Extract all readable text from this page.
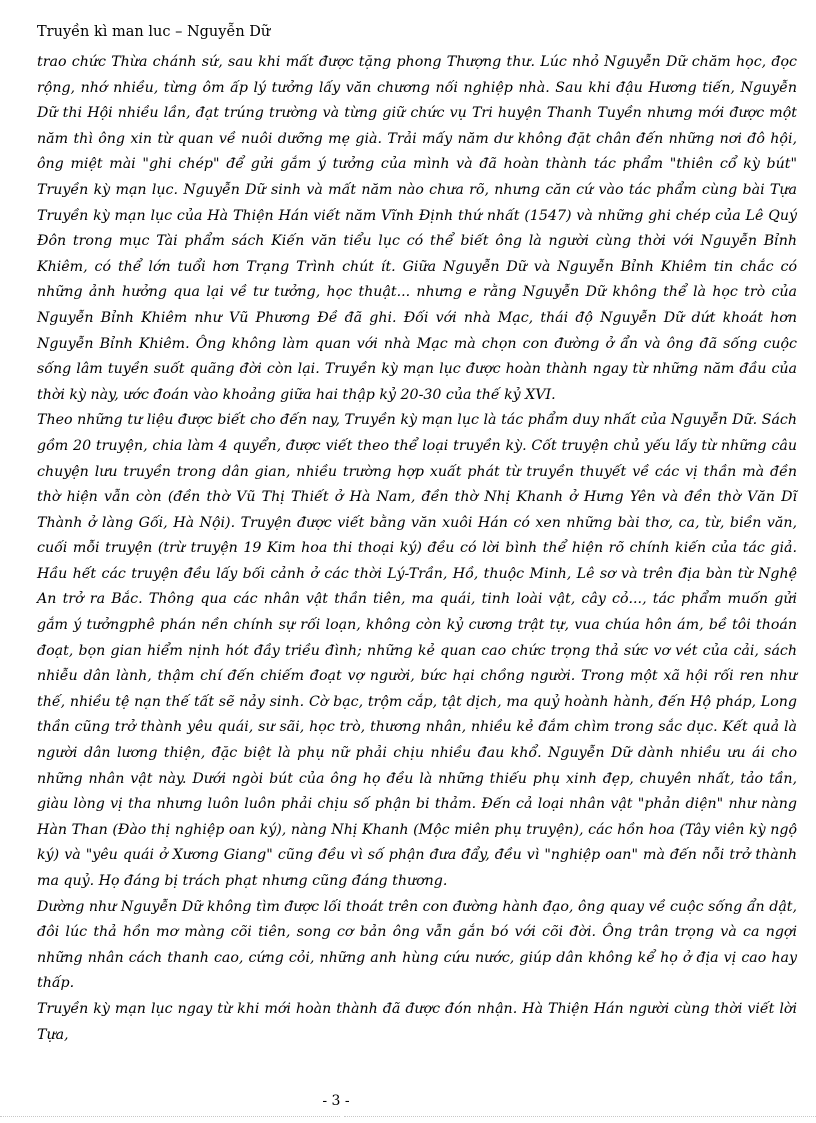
Truyền kì man luc – Nguyễn Dữ

trao chức Thừa chánh sứ, sau khi mất được tặng phong Thượng thư. Lúc nhỏ Nguyễn Dữ chăm học, đọc rộng, nhớ nhiều, từng ôm ấp lý tưởng lấy văn chương nối nghiệp nhà. Sau khi đậu Hương tiến, Nguyễn Dữ thi Hội nhiều lần, đạt trúng trường và từng giữ chức vụ Tri huyện Thanh Tuyền nhưng mới được một năm thì ông xin từ quan về nuôi dưỡng mẹ già. Trải mấy năm dư không đặt chân đến những nơi đô hội, ông miệt mài "ghi chép" để gửi gắm ý tưởng của mình và đã hoàn thành tác phẩm "thiên cổ kỳ bút" Truyền kỳ mạn lục. Nguyễn Dữ sinh và mất năm nào chưa rõ, nhưng căn cứ vào tác phẩm cùng bài Tựa Truyền kỳ mạn lục của Hà Thiện Hán viết năm Vĩnh Định thứ nhất (1547) và những ghi chép của Lê Quý Đôn trong mục Tài phẩm sách Kiến văn tiểu lục có thể biết ông là người cùng thời với Nguyễn Bỉnh Khiêm, có thể lớn tuổi hơn Trạng Trình chút ít. Giữa Nguyễn Dữ và Nguyễn Bỉnh Khiêm tin chắc có những ảnh hưởng qua lại về tư tưởng, học thuật... nhưng e rằng Nguyễn Dữ không thể là học trò của Nguyễn Bỉnh Khiêm như Vũ Phương Đề đã ghi. Đối với nhà Mạc, thái độ Nguyễn Dữ dứt khoát hơn Nguyễn Bỉnh Khiêm. Ông không làm quan với nhà Mạc mà chọn con đường ở ẩn và ông đã sống cuộc sống lâm tuyền suốt quãng đời còn lại. Truyền kỳ mạn lục được hoàn thành ngay từ những năm đầu của thời kỳ này, ước đoán vào khoảng giữa hai thập kỷ 20-30 của thế kỷ XVI.

Theo những tư liệu được biết cho đến nay, Truyền kỳ mạn lục là tác phẩm duy nhất của Nguyễn Dữ. Sách gồm 20 truyện, chia làm 4 quyển, được viết theo thể loại truyền kỳ. Cốt truyện chủ yếu lấy từ những câu chuyện lưu truyền trong dân gian, nhiều trường hợp xuất phát từ truyền thuyết về các vị thần mà đền thờ hiện vẫn còn (đền thờ Vũ Thị Thiết ở Hà Nam, đền thờ Nhị Khanh ở Hưng Yên và đền thờ Văn Dĩ Thành ở làng Gối, Hà Nội). Truyện được viết bằng văn xuôi Hán có xen những bài thơ, ca, từ, biền văn, cuối mỗi truyện (trừ truyện 19 Kim hoa thi thoại ký) đều có lời bình thể hiện rõ chính kiến của tác giả. Hầu hết các truyện đều lấy bối cảnh ở các thời Lý-Trần, Hồ, thuộc Minh, Lê sơ và trên địa bàn từ Nghệ An trở ra Bắc. Thông qua các nhân vật thần tiên, ma quái, tinh loài vật, cây cỏ..., tác phẩm muốn gửi gắm ý tưởngphê phán nền chính sự rối loạn, không còn kỷ cương trật tự, vua chúa hôn ám, bề tôi thoán đoạt, bọn gian hiểm nịnh hót đầy triều đình; những kẻ quan cao chức trọng thả sức vơ vét của cải, sách nhiễu dân lành, thậm chí đến chiếm đoạt vợ người, bức hại chồng người. Trong một xã hội rối ren như thế, nhiều tệ nạn thế tất sẽ nảy sinh. Cờ bạc, trộm cắp, tật dịch, ma quỷ hoành hành, đến Hộ pháp, Long thần cũng trở thành yêu quái, sư sãi, học trò, thương nhân, nhiều kẻ đắm chìm trong sắc dục. Kết quả là người dân lương thiện, đặc biệt là phụ nữ phải chịu nhiều đau khổ. Nguyễn Dữ dành nhiều ưu ái cho những nhân vật này. Dưới ngòi bút của ông họ đều là những thiếu phụ xinh đẹp, chuyên nhất, tảo tần, giàu lòng vị tha nhưng luôn luôn phải chịu số phận bi thảm. Đến cả loại nhân vật "phản diện" như nàng Hàn Than (Đào thị nghiệp oan ký), nàng Nhị Khanh (Mộc miên phụ truyện), các hồn hoa (Tây viên kỳ ngộ ký) và "yêu quái ở Xương Giang" cũng đều vì số phận đưa đẩy, đều vì "nghiệp oan" mà đến nỗi trở thành ma quỷ. Họ đáng bị trách phạt nhưng cũng đáng thương.

Dường như Nguyễn Dữ không tìm được lối thoát trên con đường hành đạo, ông quay về cuộc sống ẩn dật, đôi lúc thả hồn mơ màng cõi tiên, song cơ bản ông vẫn gắn bó với cõi đời. Ông trân trọng và ca ngợi những nhân cách thanh cao, cứng cỏi, những anh hùng cứu nước, giúp dân không kể họ ở địa vị cao hay thấp.

Truyền kỳ mạn lục ngay từ khi mới hoàn thành đã được đón nhận. Hà Thiện Hán người cùng thời viết lời Tựa,

- 3 -
